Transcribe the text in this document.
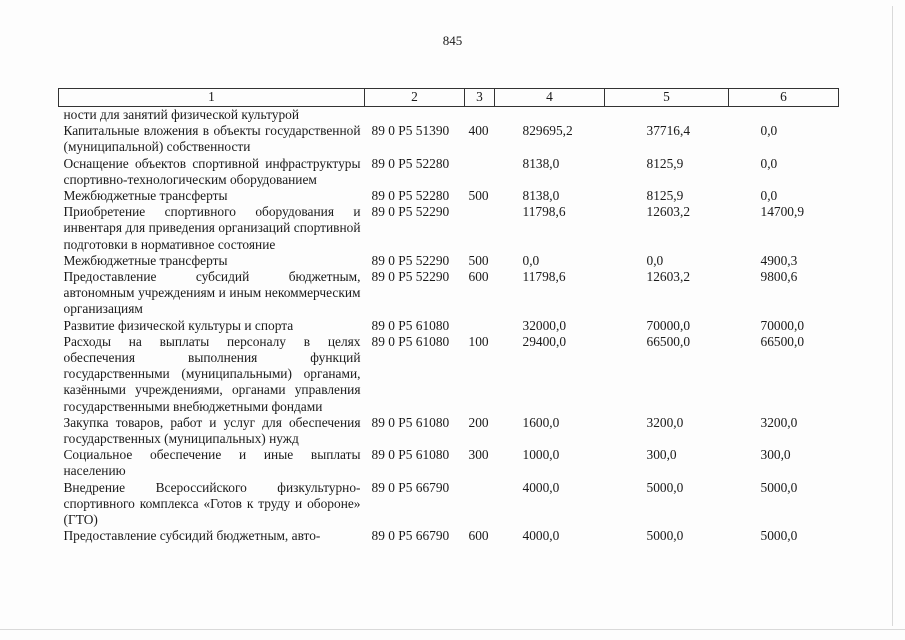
845
1	2	3	4	5	6
ности для занятий физической культурой					
Капитальные вложения в объекты государственной (муниципальной) собственности	89 0 P5 51390	400	829695,2	37716,4	0,0
Оснащение объектов спортивной инфраструктуры спортивно-технологическим оборудованием	89 0 P5 52280		8138,0	8125,9	0,0
Межбюджетные трансферты	89 0 P5 52280	500	8138,0	8125,9	0,0
Приобретение спортивного оборудования и инвентаря для приведения организаций спортивной подготовки в нормативное состояние	89 0 P5 52290		11798,6	12603,2	14700,9
Межбюджетные трансферты	89 0 P5 52290	500	0,0	0,0	4900,3
Предоставление субсидий бюджетным, автономным учреждениям и иным некоммерческим организациям	89 0 P5 52290	600	11798,6	12603,2	9800,6
Развитие физической культуры и спорта	89 0 P5 61080		32000,0	70000,0	70000,0
Расходы на выплаты персоналу в целях обеспечения выполнения функций государственными (муниципальными) органами, казёнными учреждениями, органами управления государственными внебюджетными фондами	89 0 P5 61080	100	29400,0	66500,0	66500,0
Закупка товаров, работ и услуг для обеспечения государственных (муниципальных) нужд	89 0 P5 61080	200	1600,0	3200,0	3200,0
Социальное обеспечение и иные выплаты населению	89 0 P5 61080	300	1000,0	300,0	300,0
Внедрение Всероссийского физкультурно-спортивного комплекса «Готов к труду и обороне» (ГТО)	89 0 P5 66790		4000,0	5000,0	5000,0
Предоставление субсидий бюджетным, авто-	89 0 P5 66790	600	4000,0	5000,0	5000,0
